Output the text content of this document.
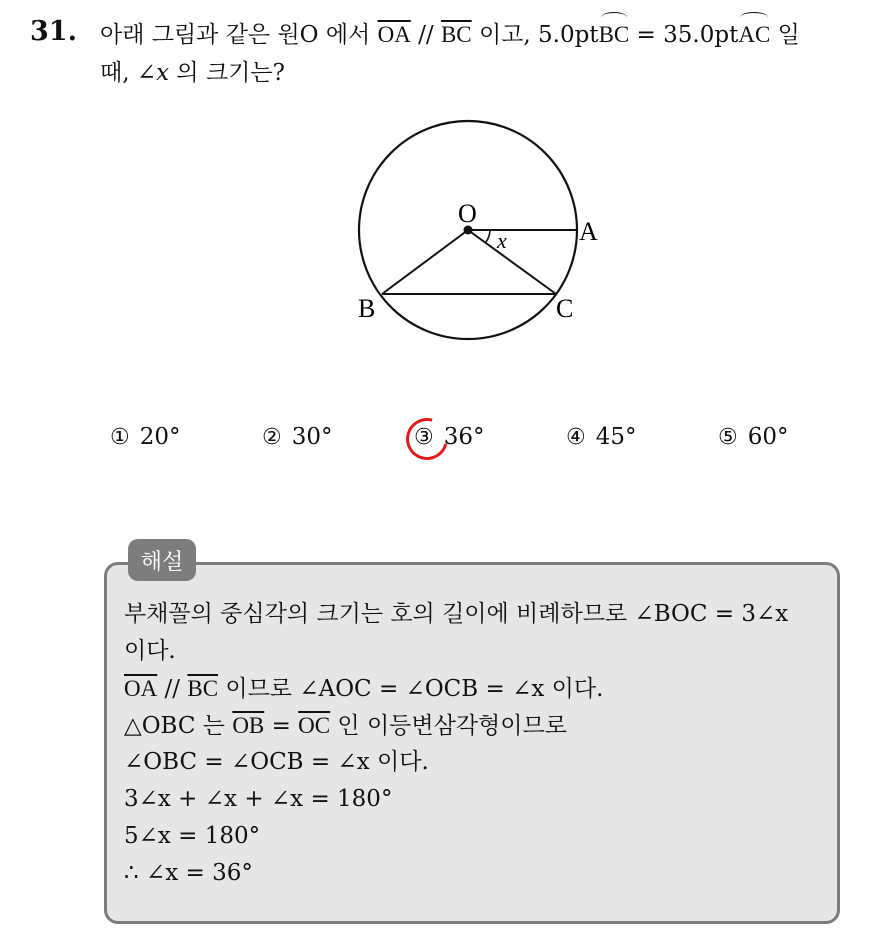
31. 아래 그림과 같은 원O 에서 $\overline{OA} // \overline{BC}$ 이고, 5.0ptBC = 35.0ptAC 일
때, ∠x 의 크기는?
O
A
B	C
x
① 20°	② 30°	③ 36°	④ 45°	⑤ 60°
해설
부채꼴의 중심각의 크기는 호의 길이에 비례하므로 ∠BOC = 3∠x
이다.
$\overline{OA} // \overline{BC}$ 이므로 ∠AOC = ∠OCB = ∠x 이다.
△OBC 는 $\overline{OB} = \overline{OC}$ 인 이등변삼각형이므로
∠OBC = ∠OCB = ∠x 이다.
3∠x + ∠x + ∠x = 180°
5∠x = 180°
∴ ∠x = 36°
